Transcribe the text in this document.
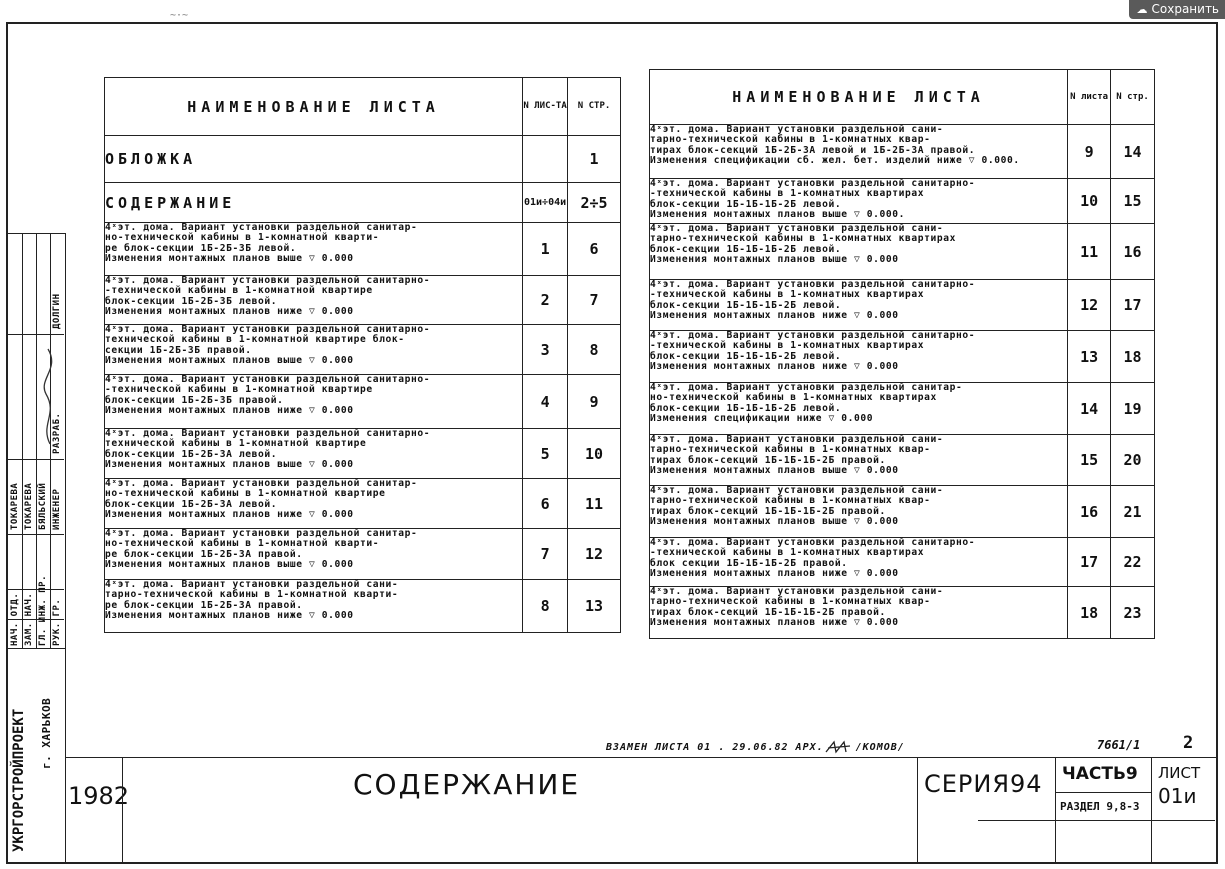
☁ Сохранить
~·~
НАИМЕНОВАНИЕ ЛИСТА	N ЛИС-ТА	N СТР.
ОБЛОЖКА		1
СОДЕРЖАНИЕ	01и÷04и	2÷5
4ˣэт. дома. Вариант установки раздельной санитар-
но-технической кабины в 1-комнатной кварти-
ре блок-секции 1Б-2Б-3Б левой.
Изменения монтажных планов выше ▽ 0.000	1	6
4ˣэт. дома. Вариант установки раздельной санитарно-
-технической кабины в 1-комнатной квартире
блок-секции 1Б-2Б-3Б левой.
Изменения монтажных планов ниже ▽ 0.000	2	7
4ˣэт. дома. Вариант установки раздельной санитарно-
технической кабины в 1-комнатной квартире блок-
секции 1Б-2Б-3Б правой.
Изменения монтажных планов выше ▽ 0.000	3	8
4ˣэт. дома. Вариант установки раздельной санитарно-
-технической кабины в 1-комнатной квартире
блок-секции 1Б-2Б-3Б правой.
Изменения монтажных планов ниже ▽ 0.000	4	9
4ˣэт. дома. Вариант установки раздельной санитарно-
технической кабины в 1-комнатной квартире
блок-секции 1Б-2Б-3А левой.
Изменения монтажных планов выше ▽ 0.000	5	10
4ˣэт. дома. Вариант установки раздельной санитар-
но-технической кабины в 1-комнатной квартире
блок-секции 1Б-2Б-3А левой.
Изменения монтажных планов ниже ▽ 0.000	6	11
4ˣэт. дома. Вариант установки раздельной санитар-
но-технической кабины в 1-комнатной кварти-
ре блок-секции 1Б-2Б-3А правой.
Изменения монтажных планов выше ▽ 0.000	7	12
4ˣэт. дома. Вариант установки раздельной сани-
тарно-технической кабины в 1-комнатной кварти-
ре блок-секции 1Б-2Б-3А правой.
Изменения монтажных планов ниже ▽ 0.000	8	13
НАИМЕНОВАНИЕ ЛИСТА	N листа	N стр.
4ˣэт. дома. Вариант установки раздельной сани-
тарно-технической кабины в 1-комнатных квар-
тирах блок-секций 1Б-2Б-3А левой и 1Б-2Б-3А правой.
Изменения спецификации сб. жел. бет. изделий ниже ▽ 0.000.	9	14
4ˣэт. дома. Вариант установки раздельной санитарно-
-технической кабины в 1-комнатных квартирах
блок-секции 1Б-1Б-1Б-2Б левой.
Изменения монтажных планов выше ▽ 0.000.	10	15
4ˣэт. дома. Вариант установки раздельной сани-
тарно-технической кабины в 1-комнатных квартирах
блок-секции 1Б-1Б-1Б-2Б левой.
Изменения монтажных планов выше ▽ 0.000	11	16
4ˣэт. дома. Вариант установки раздельной санитарно-
-технической кабины в 1-комнатных квартирах
блок-секции 1Б-1Б-1Б-2Б левой.
Изменения монтажных планов ниже ▽ 0.000	12	17
4ˣэт. дома. Вариант установки раздельной санитарно-
-технической кабины в 1-комнатных квартирах
блок-секции 1Б-1Б-1Б-2Б левой.
Изменения монтажных планов ниже ▽ 0.000	13	18
4ˣэт. дома. Вариант установки раздельной санитар-
но-технической кабины в 1-комнатных квартирах
блок-секции 1Б-1Б-1Б-2Б левой.
Изменения спецификации ниже ▽ 0.000	14	19
4ˣэт. дома. Вариант установки раздельной сани-
тарно-технической кабины в 1-комнатных квар-
тирах блок-секций 1Б-1Б-1Б-2Б правой.
Изменения монтажных планов выше ▽ 0.000	15	20
4ˣэт. дома. Вариант установки раздельной сани-
тарно-технической кабины в 1-комнатных квар-
тирах блок-секций 1Б-1Б-1Б-2Б правой.
Изменения монтажных планов выше ▽ 0.000	16	21
4ˣэт. дома. Вариант установки раздельной санитарно-
-технической кабины в 1-комнатных квартирах
блок секции 1Б-1Б-1Б-2Б правой.
Изменения монтажных планов ниже ▽ 0.000	17	22
4ˣэт. дома. Вариант установки раздельной сани-
тарно-технической кабины в 1-комнатных квар-
тирах блок-секций 1Б-1Б-1Б-2Б правой.
Изменения монтажных планов ниже ▽ 0.000	18	23
НАЧ. ОТД. ЗАМ. НАЧ. ГЛ. ИНЖ. ПР. РУК. ГР.
ИНЖЕНЕР
РАЗРАБ.
ДОЛГИН
БЯЛЬСКИЙ
ТОКАРЕВА
ТОКАРЕВА
УКРГОРСТРОЙПРОЕКТ г. ХАРЬКОВ	ВЗАМЕН ЛИСТА 01 . 29.06.82 АРХ.	/КОМОВ/	7661/1	2
1982	СОДЕРЖАНИЕ	СЕРИЯ94 ЧАСТЬ9
РАЗДЕЛ 9,8-3
ЛИСТ
01и
